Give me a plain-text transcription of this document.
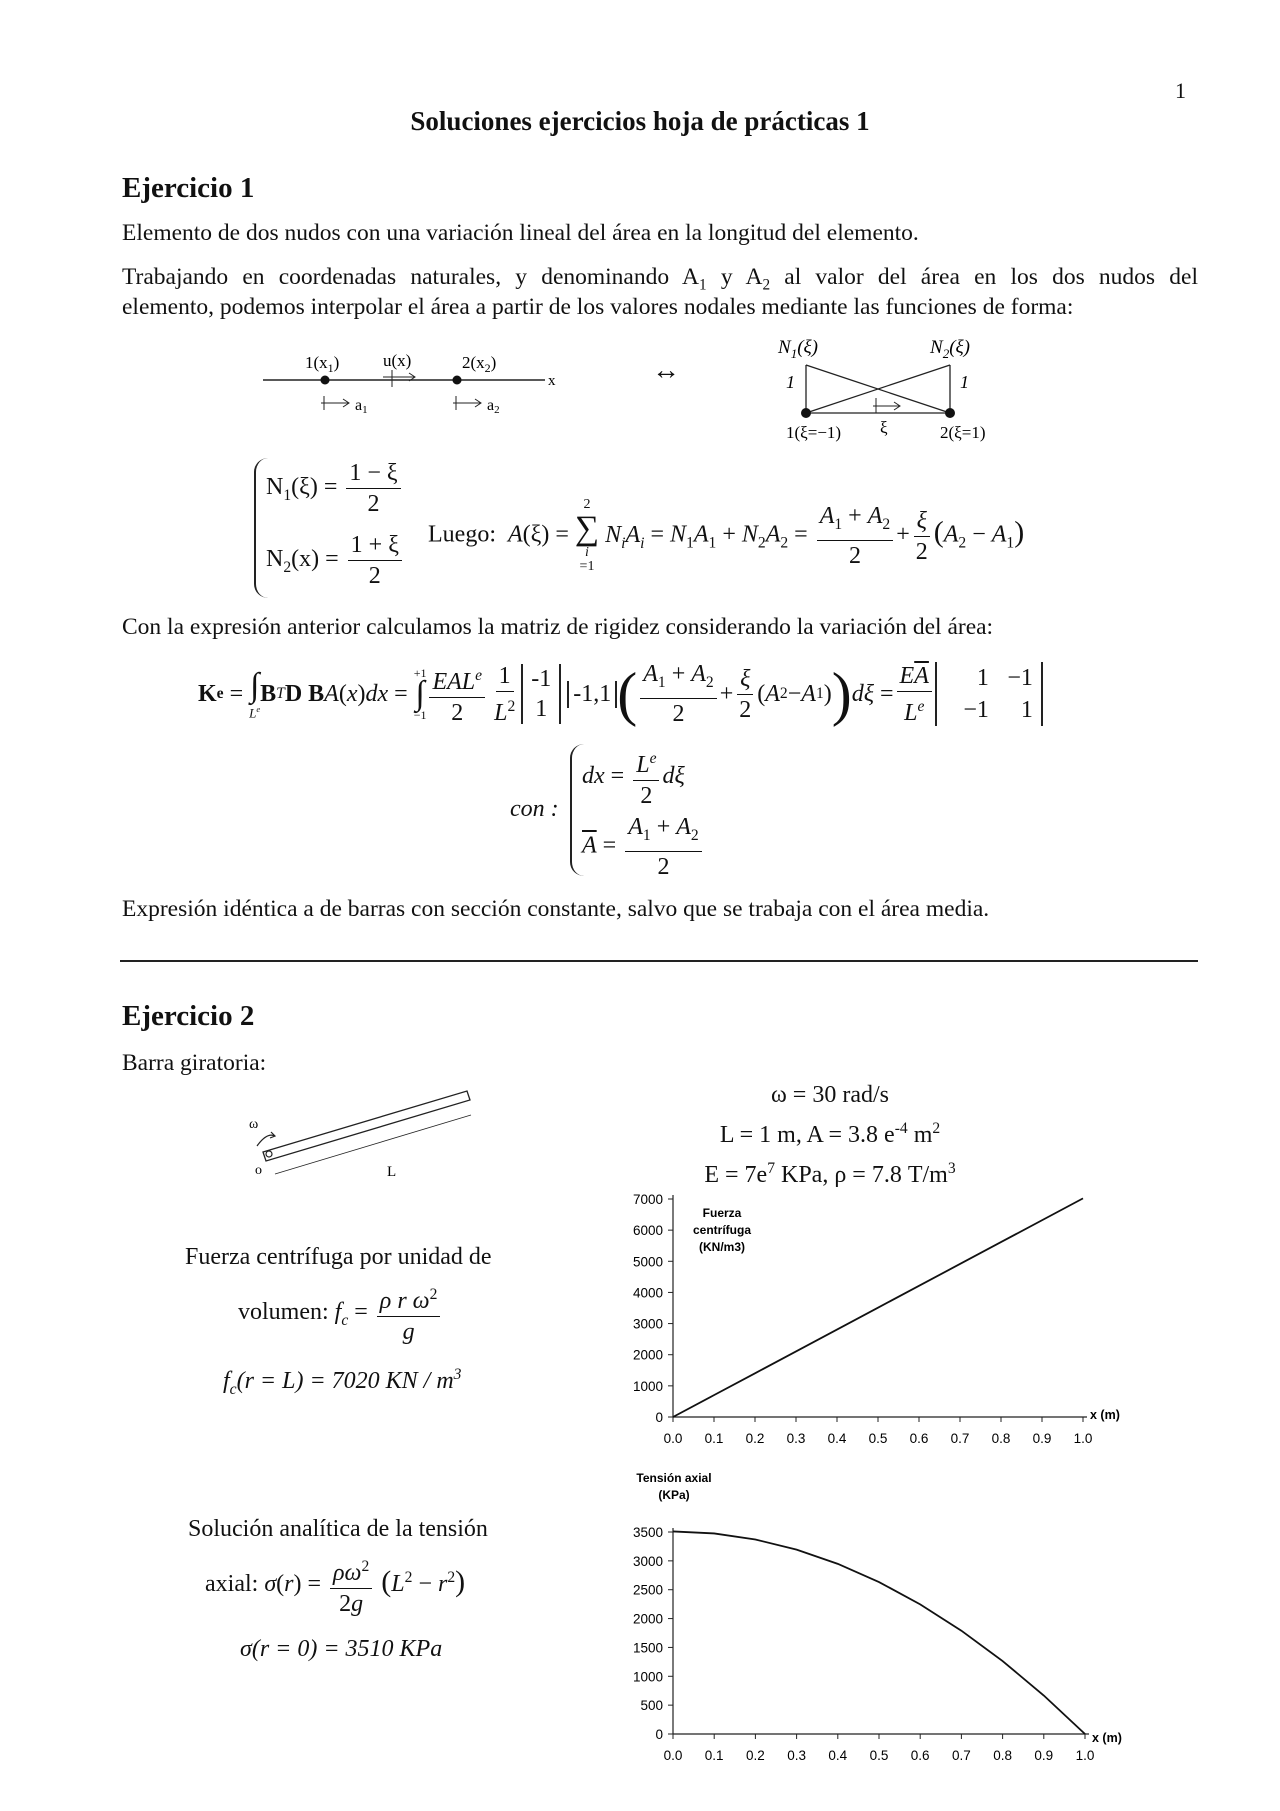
1
Soluciones ejercicios hoja de prácticas 1
Ejercicio 1
Elemento de dos nudos con una variación lineal del área en la longitud del elemento.
Trabajando en coordenadas naturales, y denominando $A_1$ y $A_2$ al valor del área en los dos nudos del
elemento, podemos interpolar el área a partir de los valores nodales mediante las funciones de forma:
$1(x_1)$	u(x)	$2(x_2)$
x
a1	a2
↔
$N_1(\xi)$	$N_2(\xi)$
1	1
ξ
1(ξ=−1)	2(ξ=1)
$N_1(\xi) = \frac{1 - \xi}{2}$
$N_2(x) = \frac{1 + \xi}{2}$ Luego: A(ξ) =
2
∑
i
=1 $N_iA_i = N_1A_1 + N_2A_2 = \frac{A_1 + A_2}{2} + \frac{\xi}{2} (A_2 - A_1)$
Con la expresión anterior calculamos la matriz de rigidez considerando la variación del área:
K e = ∫
Le
B T D B A ( x ) dx =
+1
∫
$-1 \frac{EAL^e}{2} \frac{1}{L^2} -1$
1

-1,1 ( $\frac{A_1 + A_2}{2} + \frac{\xi}{2}$ ( A 2 − A 1 ) ) $d\xi = \frac{E\overline{A}}{L^e}$	1 −1
−1	1
con :
dx = $\frac{L^e}{2}$ dξ
$\overline{A} = \frac{A_1 + A_2}{2}$
Expresión idéntica a de barras con sección constante, salvo que se trabaja con el área media.
Ejercicio 2
Barra giratoria:
ω
o	L
ω = 30 rad/s
L = 1 m, A = 3.8 $e^{-4}$ $m^2$
$E = 7e^7$ KPa, ρ = 7.8 $T/m^3$
Fuerza centrífuga por unidad de
volumen: $f_c = \frac{\rho r \omega^2}{g}$
$f_c(r = L) = 7020$ KN / $m^3$
Solución analítica de la tensión
axial: $\sigma(r) = \frac{\rho\omega^2}{2g} (L^2 - r^2)$
σ(r = 0) = 3510 KPa
0
1000
2000
3000
4000
5000
6000
7000
0.0 0.1 0.2 0.3 0.4 0.5 0.6 0.7 0.8 0.9 1.0
Fuerza
centrífuga
(KN/m3)
x (m)
0
500
1000
1500
2000
2500
3000
3500
0.0 0.1 0.2 0.3 0.4 0.5 0.6 0.7 0.8 0.9 1.0
Tensión axial
(KPa)
x (m)
